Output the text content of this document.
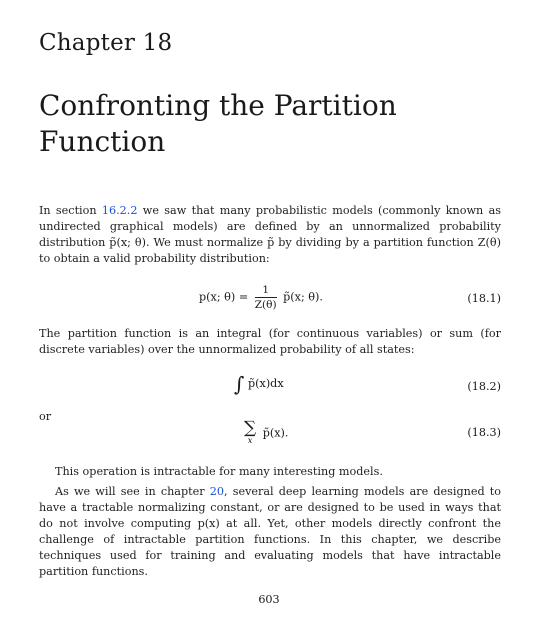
Chapter 18
Confronting the Partition Function

In section 16.2.2 we saw that many probabilistic models (commonly known as undirected graphical models) are defined by an unnormalized probability distribution p̃(x; θ). We must normalize p̃ by dividing by a partition function Z(θ) to obtain a valid probability distribution:

p(x; $\theta) = \frac{1}{Z(\theta)}$ p̃(x; θ).	(18.1)

The partition function is an integral (for continuous variables) or sum (for discrete variables) over the unnormalized probability of all states:

∫ p̃(x)dx	(18.2)
or
∑
x
p̃(x).	(18.3)

This operation is intractable for many interesting models.

As we will see in chapter 20, several deep learning models are designed to have a tractable normalizing constant, or are designed to be used in ways that do not involve computing p(x) at all. Yet, other models directly confront the challenge of intractable partition functions. In this chapter, we describe techniques used for training and evaluating models that have intractable partition functions.

603
